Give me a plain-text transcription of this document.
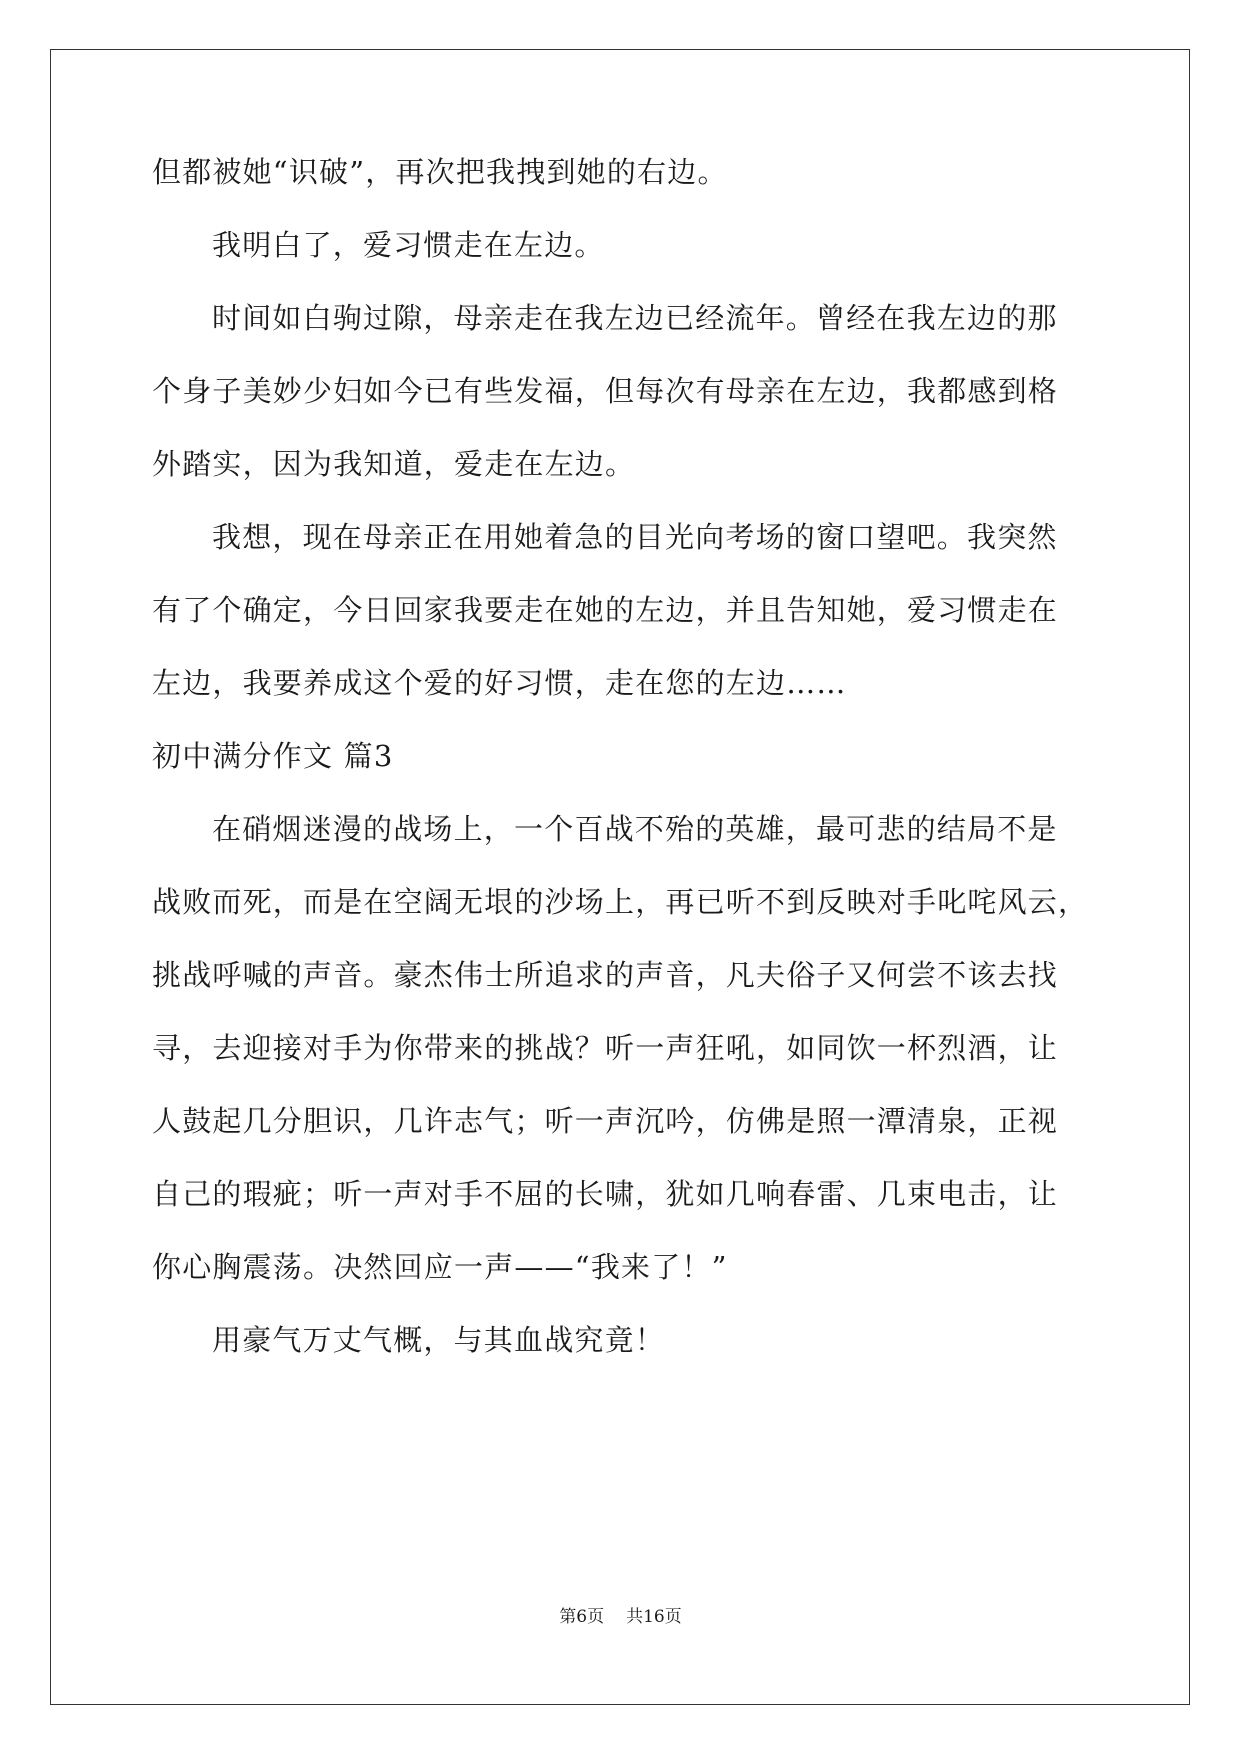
但都被她“识破”，再次把我拽到她的右边。
我明白了，爱习惯走在左边。
时间如白驹过隙，母亲走在我左边已经流年。曾经在我左边的那
个身子美妙少妇如今已有些发福，但每次有母亲在左边，我都感到格
外踏实，因为我知道，爱走在左边。
我想，现在母亲正在用她着急的目光向考场的窗口望吧。我突然
有了个确定，今日回家我要走在她的左边，并且告知她，爱习惯走在
左边，我要养成这个爱的好习惯，走在您的左边……
初中满分作文 篇3
在硝烟迷漫的战场上，一个百战不殆的英雄，最可悲的结局不是
战败而死，而是在空阔无垠的沙场上，再已听不到反映对手叱咤风云，
挑战呼喊的声音。豪杰伟士所追求的声音，凡夫俗子又何尝不该去找
寻，去迎接对手为你带来的挑战？听一声狂吼，如同饮一杯烈酒，让
人鼓起几分胆识，几许志气；听一声沉吟，仿佛是照一潭清泉，正视
自己的瑕疵；听一声对手不屈的长啸，犹如几响春雷、几束电击，让
你心胸震荡。决然回应一声——“我来了！”
用豪气万丈气概，与其血战究竟！
第6页 共16页
